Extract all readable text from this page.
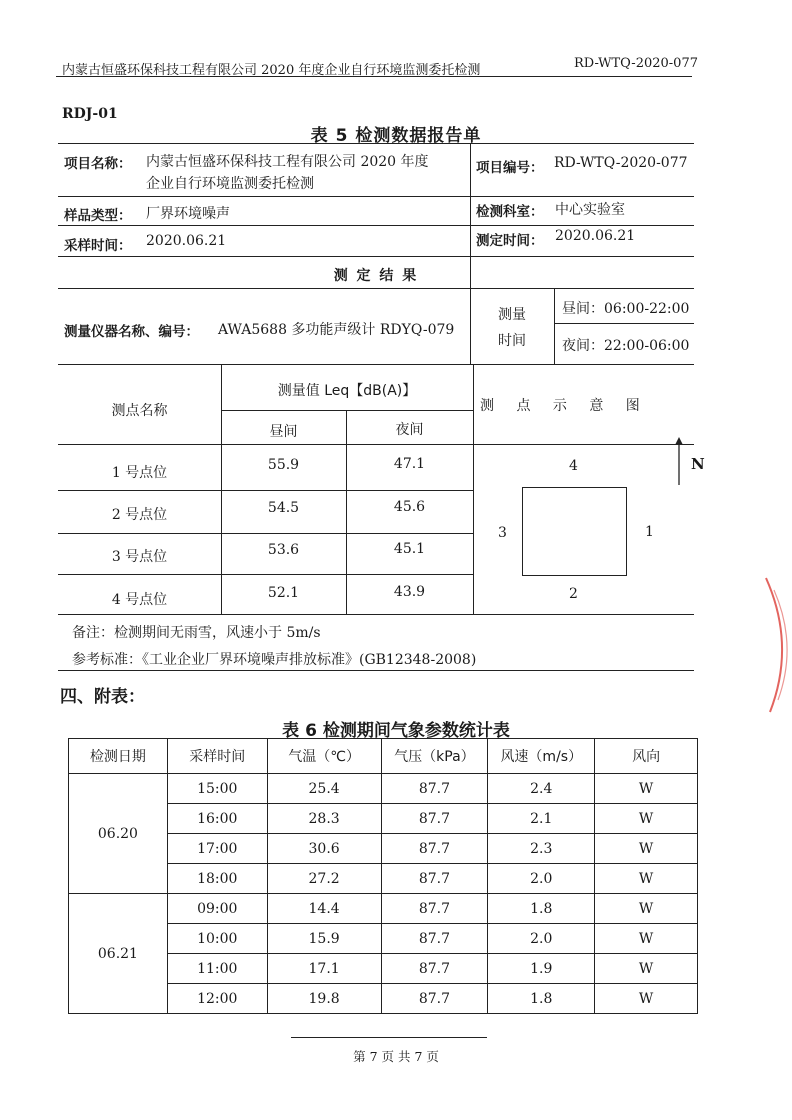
内蒙古恒盛环保科技工程有限公司 2020 年度企业自行环境监测委托检测	RD-WTQ-2020-077
RDJ-01
表 5 检测数据报告单
项目名称： 内蒙古恒盛环保科技工程有限公司 2020 年度
企业自行环境监测委托检测
项目编号： RD-WTQ-2020-077
样品类型： 厂界环境噪声	检测科室： 中心实验室
采样时间： 2020.06.21	测定时间： 2020.06.21
测 定 结 果
测量仪器名称、编号： AWA5688 多功能声级计 RDYQ-079
测量
时间
昼间：06:00-22:00
夜间：22:00-06:00
测点名称
测量值 Leq【dB(A)】
昼间	夜间
测 点 示 意 图
1 号点位	55.9	47.1
2 号点位	54.5	45.6
3 号点位	53.6	45.1
4 号点位	52.1	43.9
4
1
2
3
N
备注：检测期间无雨雪，风速小于 5m/s
参考标准：《工业企业厂界环境噪声排放标准》(GB12348-2008)
四、附表：
表 6 检测期间气象参数统计表
检测日期	采样时间	气温（℃）	气压（kPa）	风速（m/s）	风向
06.20	15:00	25.4	87.7	2.4	W
	16:00	28.3	87.7	2.1	W
	17:00	30.6	87.7	2.3	W
	18:00	27.2	87.7	2.0	W
06.21	09:00	14.4	87.7	1.8	W
	10:00	15.9	87.7	2.0	W
	11:00	17.1	87.7	1.9	W
	12:00	19.8	87.7	1.8	W
第 7 页 共 7 页
